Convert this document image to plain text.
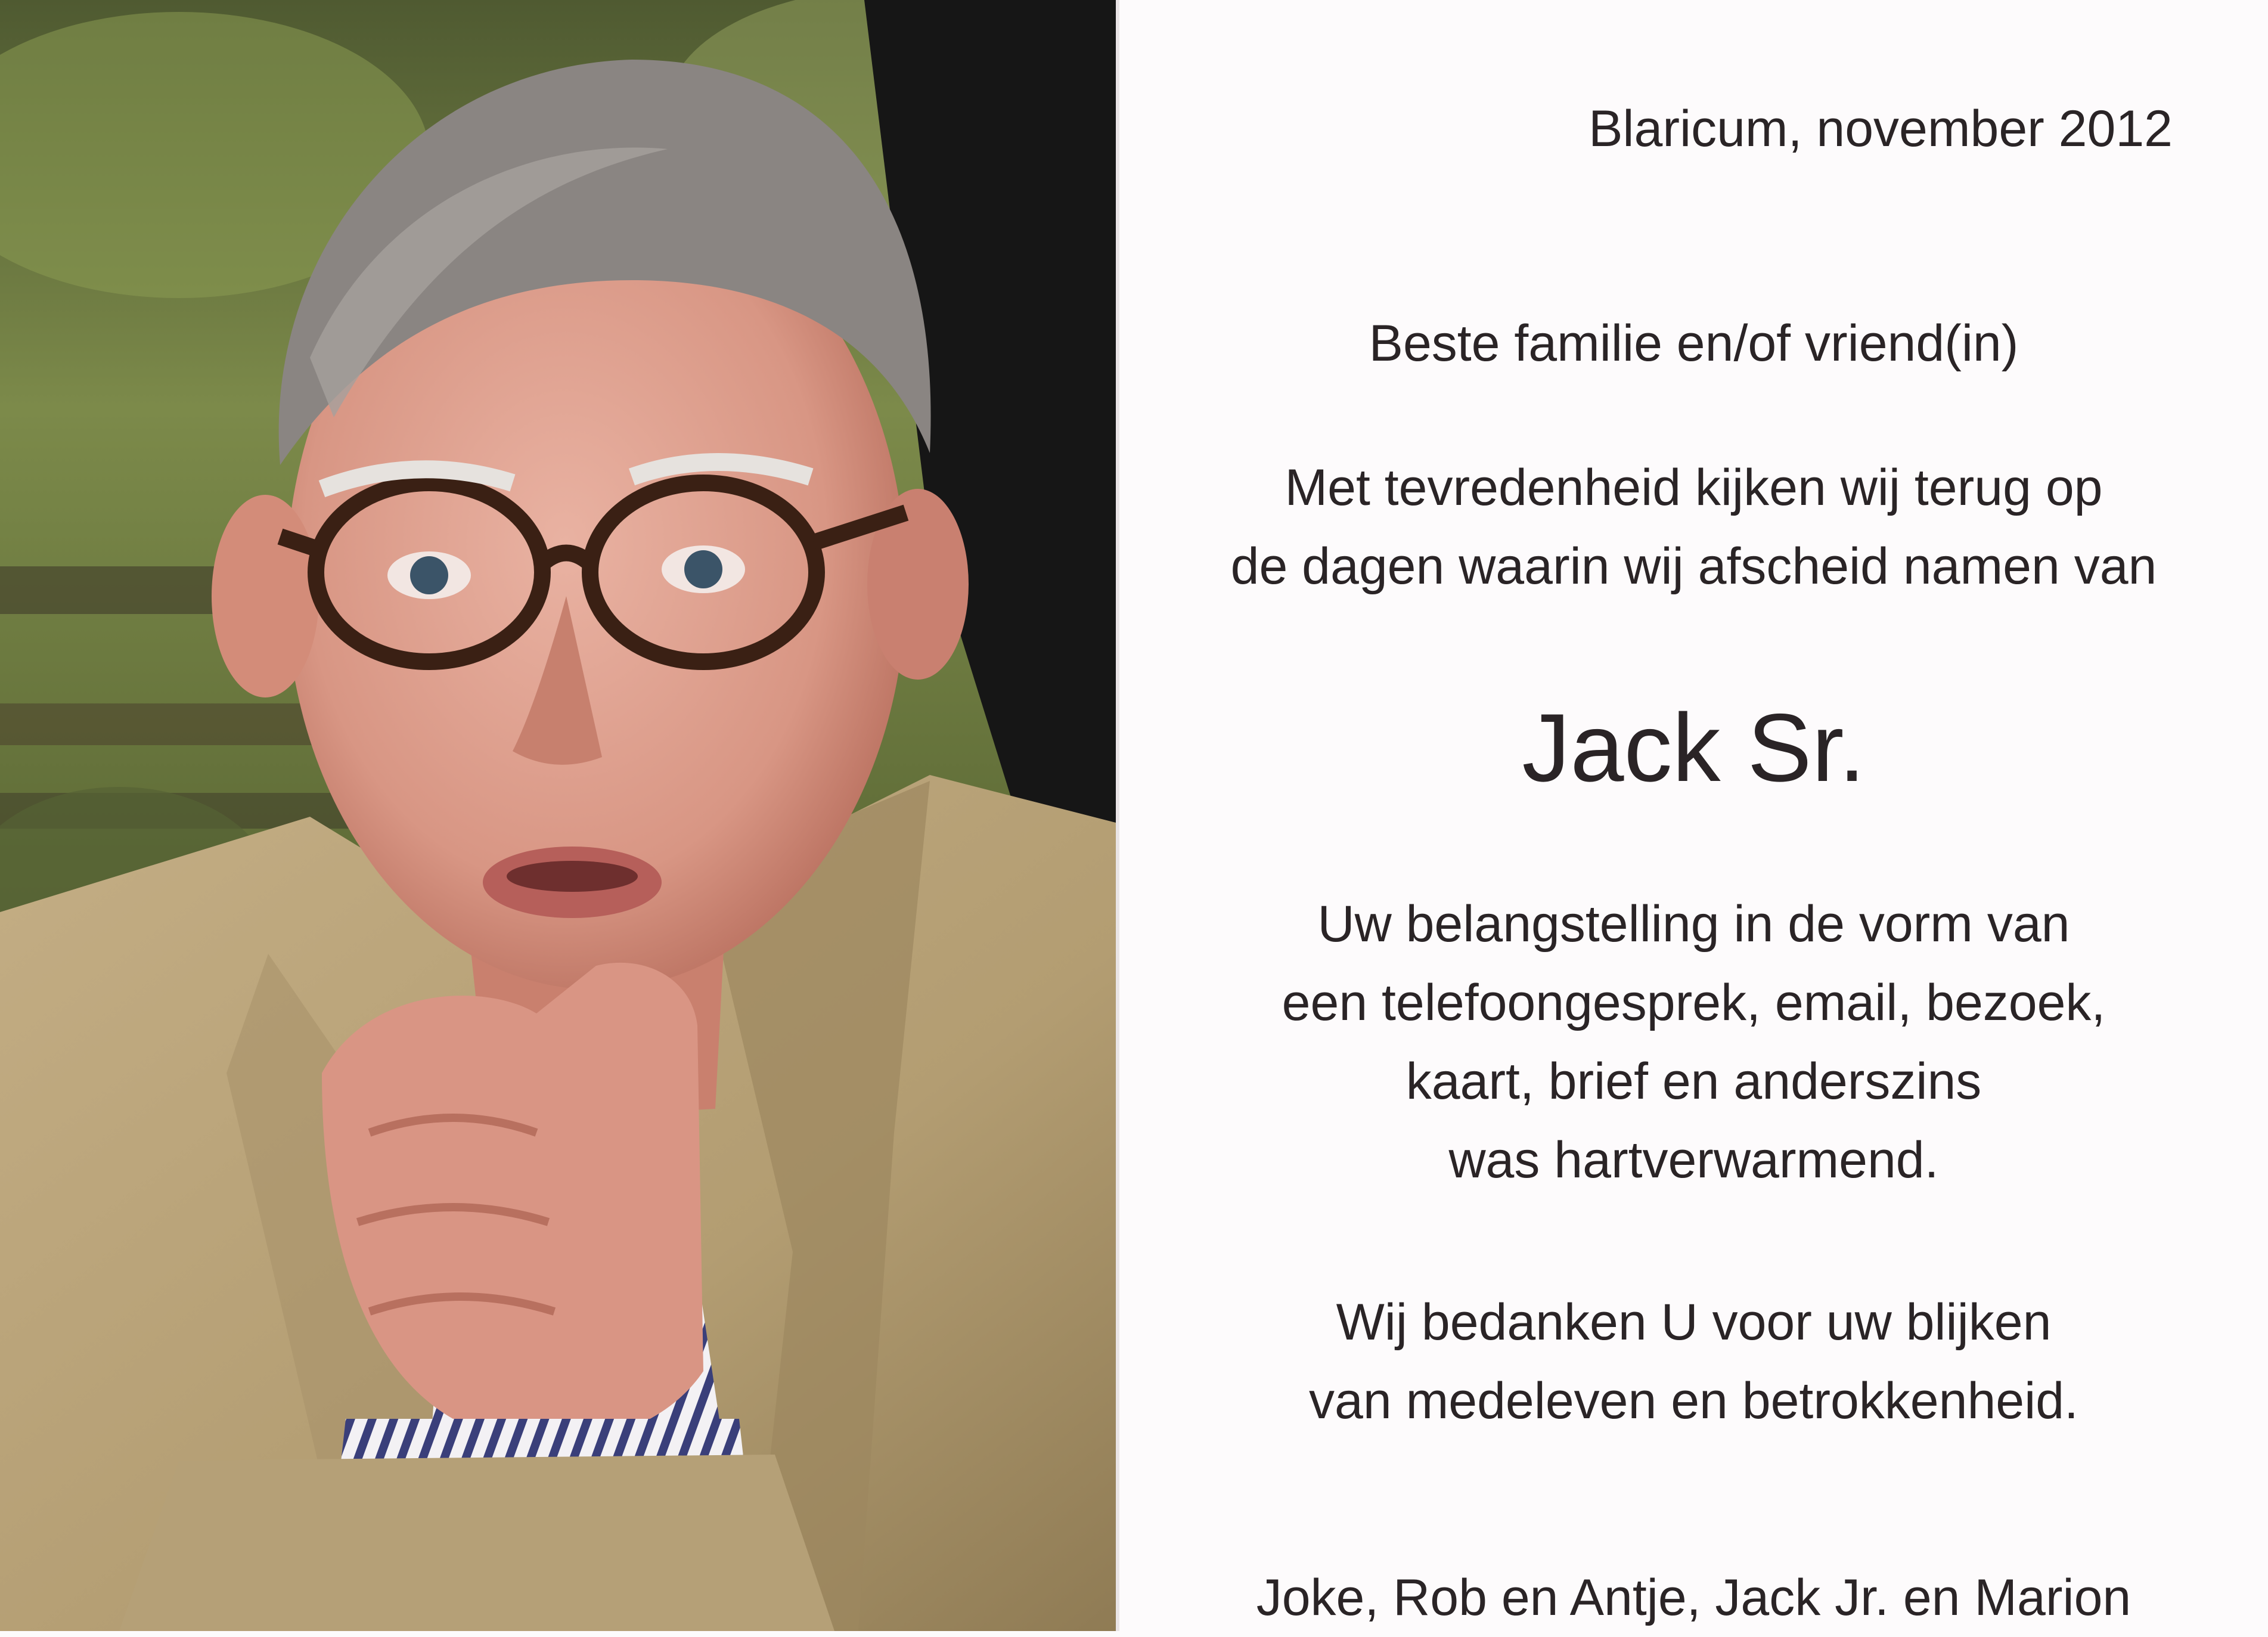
Blaricum, november 2012
Beste familie en/of vriend(in)
Met tevredenheid kijken wij terug op
de dagen waarin wij afscheid namen van
Jack Sr.
Uw belangstelling in de vorm van
een telefoongesprek, email, bezoek,
kaart, brief en anderszins
was hartverwarmend.
Wij bedanken U voor uw blijken
van medeleven en betrokkenheid.
Joke, Rob en Antje, Jack Jr. en Marion
